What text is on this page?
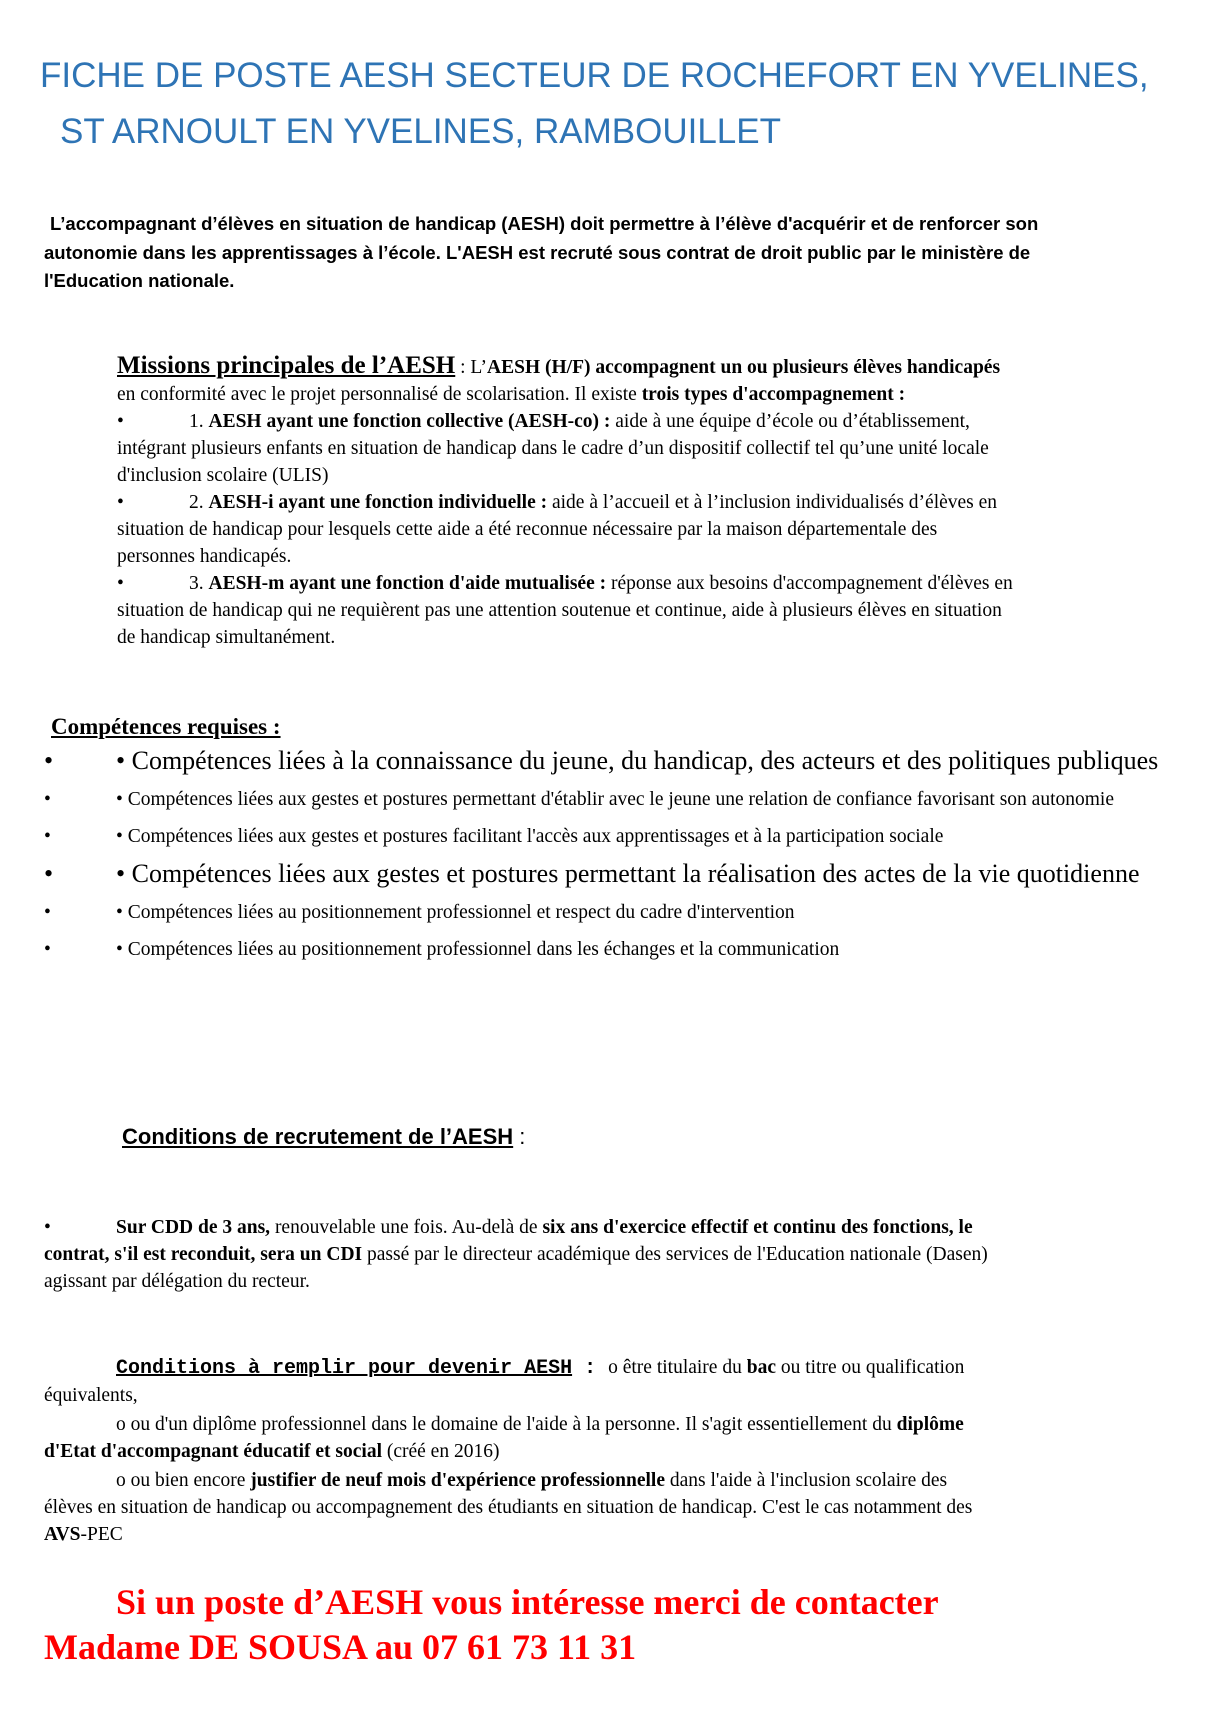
FICHE DE POSTE AESH SECTEUR DE ROCHEFORT EN YVELINES,
ST ARNOULT EN YVELINES, RAMBOUILLET

L’accompagnant d’élèves en situation de handicap (AESH) doit permettre à l’élève d'acquérir et de renforcer son
autonomie dans les apprentissages à l’école. L'AESH est recruté sous contrat de droit public par le ministère de
l'Education nationale.

Missions principales de l’AESH : L’AESH (H/F) accompagnent un ou plusieurs élèves handicapés
en conformité avec le projet personnalisé de scolarisation. Il existe trois types d'accompagnement :

•	1. AESH ayant une fonction collective (AESH-co) : aide à une équipe d’école ou d’établissement,
intégrant plusieurs enfants en situation de handicap dans le cadre d’un dispositif collectif tel qu’une unité locale
d'inclusion scolaire (ULIS)

•	2. AESH-i ayant une fonction individuelle : aide à l’accueil et à l’inclusion individualisés d’élèves en
situation de handicap pour lesquels cette aide a été reconnue nécessaire par la maison départementale des
personnes handicapés.

•	3. AESH-m ayant une fonction d'aide mutualisée : réponse aux besoins d'accompagnement d'élèves en
situation de handicap qui ne requièrent pas une attention soutenue et continue, aide à plusieurs élèves en situation
de handicap simultanément.

Compétences requises :

• • Compétences liées à la connaissance du jeune, du handicap, des acteurs et des politiques publiques

•	• Compétences liées aux gestes et postures permettant d'établir avec le jeune une relation de confiance favorisant son autonomie

•	• Compétences liées aux gestes et postures facilitant l'accès aux apprentissages et à la participation sociale

• • Compétences liées aux gestes et postures permettant la réalisation des actes de la vie quotidienne

•	• Compétences liées au positionnement professionnel et respect du cadre d'intervention

•	• Compétences liées au positionnement professionnel dans les échanges et la communication

Conditions de recrutement de l’AESH :

•	Sur CDD de 3 ans, renouvelable une fois. Au-delà de six ans d'exercice effectif et continu des fonctions, le
contrat, s'il est reconduit, sera un CDI passé par le directeur académique des services de l'Education nationale (Dasen)
agissant par délégation du recteur.

Conditions à remplir pour devenir AESH : o être titulaire du bac ou titre ou qualification
équivalents,

o ou d'un diplôme professionnel dans le domaine de l'aide à la personne. Il s'agit essentiellement du diplôme
d'Etat d'accompagnant éducatif et social (créé en 2016)

o ou bien encore justifier de neuf mois d'expérience professionnelle dans l'aide à l'inclusion scolaire des
élèves en situation de handicap ou accompagnement des étudiants en situation de handicap. C'est le cas notamment des
AVS-PEC

Si un poste d’AESH vous intéresse merci de contacter
Madame DE SOUSA au 07 61 73 11 31
